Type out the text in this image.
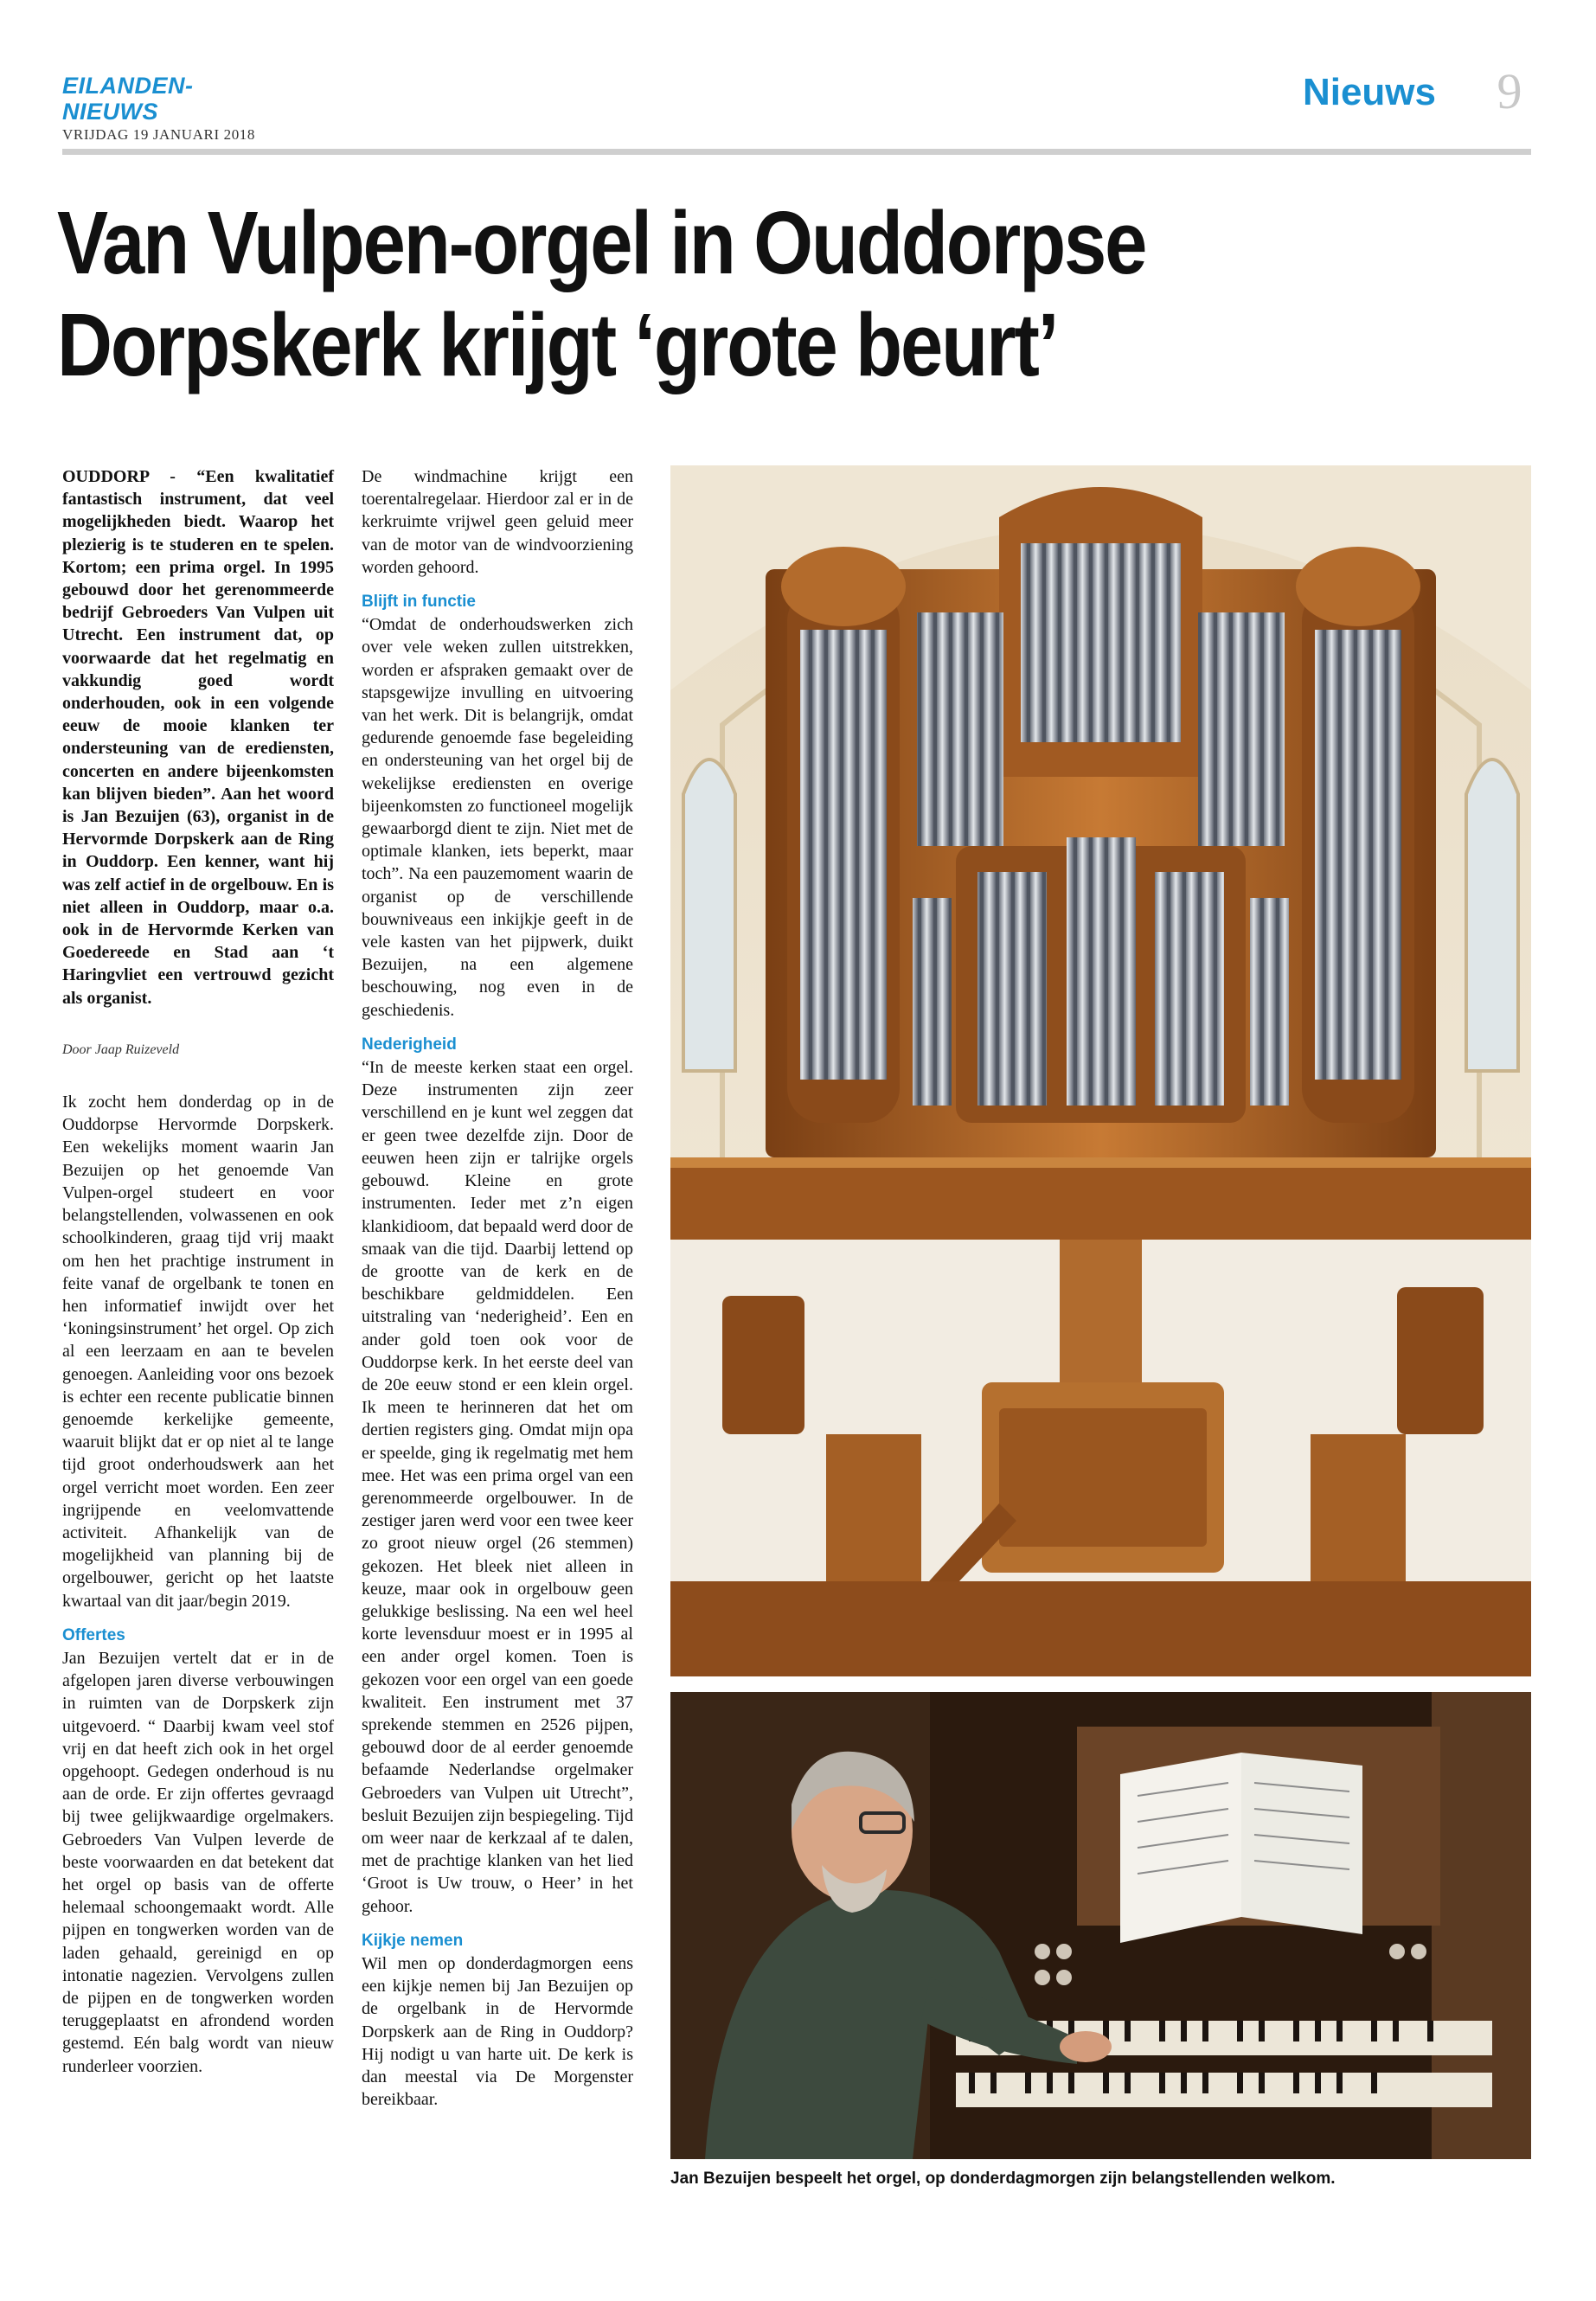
EILANDEN-NIEUWS
VRIJDAG 19 JANUARI 2018
Nieuws	9
Van Vulpen-orgel in Ouddorpse
Dorpskerk krijgt ‘grote beurt’

OUDDORP - “Een kwalitatief fantastisch instrument, dat veel mogelijkheden biedt. Waarop het plezierig is te studeren en te spelen. Kortom; een prima orgel. In 1995 gebouwd door het gerenommeerde bedrijf Gebroeders Van Vulpen uit Utrecht. Een instrument dat, op voorwaarde dat het regelmatig en vakkundig goed wordt onderhouden, ook in een volgende eeuw de mooie klanken ter ondersteuning van de erediensten, concerten en andere bijeenkomsten kan blijven bieden”. Aan het woord is Jan Bezuijen (63), organist in de Hervormde Dorpskerk aan de Ring in Ouddorp. Een kenner, want hij was zelf actief in de orgelbouw. En is niet alleen in Ouddorp, maar o.a. ook in de Hervormde Kerken van Goedereede en Stad aan ‘t Haringvliet een vertrouwd gezicht als organist.

Door Jaap Ruizeveld

Ik zocht hem donderdag op in de Ouddorpse Hervormde Dorpskerk. Een wekelijks moment waarin Jan Bezuijen op het genoemde Van Vulpen-orgel studeert en voor belangstellenden, volwassenen en ook schoolkinderen, graag tijd vrij maakt om hen het prachtige instrument in feite vanaf de orgelbank te tonen en hen informatief inwijdt over het ‘koningsinstrument’ het orgel. Op zich al een leerzaam en aan te bevelen genoegen. Aanleiding voor ons bezoek is echter een recente publicatie binnen genoemde kerkelijke gemeente, waaruit blijkt dat er op niet al te lange tijd groot onderhoudswerk aan het orgel verricht moet worden. Een zeer ingrijpende en veelomvattende activiteit. Afhankelijk van de mogelijkheid van planning bij de orgelbouwer, gericht op het laatste kwartaal van dit jaar/begin 2019.

Offertes

Jan Bezuijen vertelt dat er in de afgelopen jaren diverse verbouwingen in ruimten van de Dorpskerk zijn uitgevoerd. “ Daarbij kwam veel stof vrij en dat heeft zich ook in het orgel opgehoopt. Gedegen onderhoud is nu aan de orde. Er zijn offertes gevraagd bij twee gelijkwaardige orgelmakers. Gebroeders Van Vulpen leverde de beste voorwaarden en dat betekent dat het orgel op basis van de offerte helemaal schoongemaakt wordt. Alle pijpen en tongwerken worden van de laden gehaald, gereinigd en op intonatie nagezien. Vervolgens zullen de pijpen en de tongwerken worden teruggeplaatst en afrondend worden gestemd. Eén balg wordt van nieuw runderleer voorzien.

De windmachine krijgt een toerentalregelaar. Hierdoor zal er in de kerkruimte vrijwel geen geluid meer van de motor van de windvoorziening worden gehoord.

Blijft in functie

“Omdat de onderhoudswerken zich over vele weken zullen uitstrekken, worden er afspraken gemaakt over de stapsgewijze invulling en uitvoering van het werk. Dit is belangrijk, omdat gedurende genoemde fase begeleiding en ondersteuning van het orgel bij de wekelijkse erediensten en overige bijeenkomsten zo functioneel mogelijk gewaarborgd dient te zijn. Niet met de optimale klanken, iets beperkt, maar toch”. Na een pauzemoment waarin de organist op de verschillende bouwniveaus een inkijkje geeft in de vele kasten van het pijpwerk, duikt Bezuijen, na een algemene beschouwing, nog even in de geschiedenis.

Nederigheid

“In de meeste kerken staat een orgel. Deze instrumenten zijn zeer verschillend en je kunt wel zeggen dat er geen twee dezelfde zijn. Door de eeuwen heen zijn er talrijke orgels gebouwd. Kleine en grote instrumenten. Ieder met z’n eigen klankidioom, dat bepaald werd door de smaak van die tijd. Daarbij lettend op de grootte van de kerk en de beschikbare geldmiddelen. Een uitstraling van ‘nederigheid’. Een en ander gold toen ook voor de Ouddorpse kerk. In het eerste deel van de 20e eeuw stond er een klein orgel. Ik meen te herinneren dat het om dertien registers ging. Omdat mijn opa er speelde, ging ik regelmatig met hem mee. Het was een prima orgel van een gerenommeerde orgelbouwer. In de zestiger jaren werd voor een twee keer zo groot nieuw orgel (26 stemmen) gekozen. Het bleek niet alleen in keuze, maar ook in orgelbouw geen gelukkige beslissing. Na een wel heel korte levensduur moest er in 1995 al een ander orgel komen. Toen is gekozen voor een orgel van een goede kwaliteit. Een instrument met 37 sprekende stemmen en 2526 pijpen, gebouwd door de al eerder genoemde befaamde Nederlandse orgelmaker Gebroeders van Vulpen uit Utrecht”, besluit Bezuijen zijn bespiegeling. Tijd om weer naar de kerkzaal af te dalen, met de prachtige klanken van het lied ‘Groot is Uw trouw, o Heer’ in het gehoor.

Kijkje nemen

Wil men op donderdagmorgen eens een kijkje nemen bij Jan Bezuijen op de orgelbank in de Hervormde Dorpskerk aan de Ring in Ouddorp? Hij nodigt u van harte uit. De kerk is dan meestal via De Morgenster bereikbaar.

Jan Bezuijen bespeelt het orgel, op donderdagmorgen zijn belangstellenden welkom.
